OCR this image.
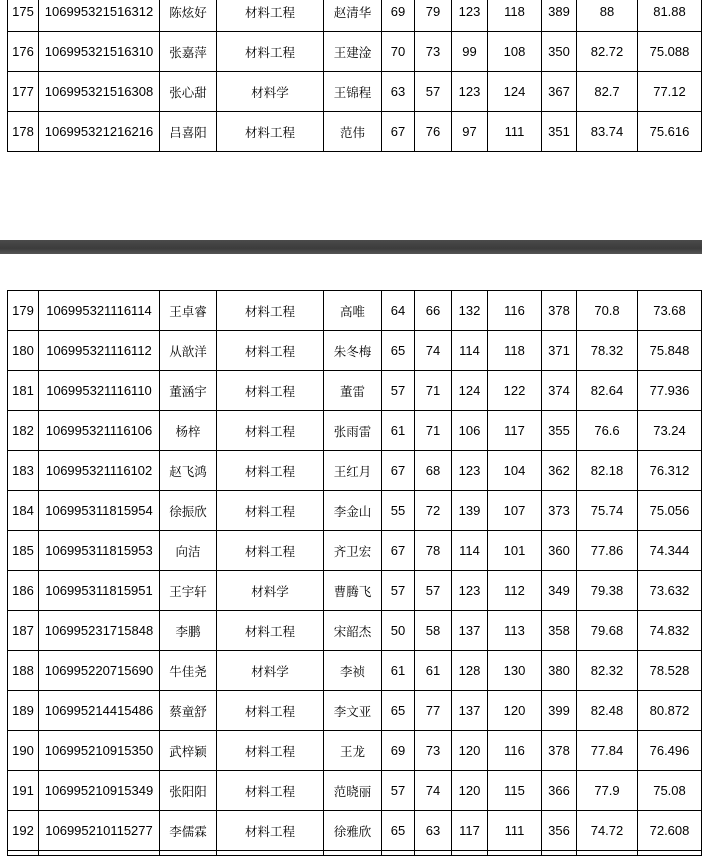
175	106995321516312	陈炫好	材料工程	赵清华	69	79	123	118	389	88	81.88
176	106995321516310	张嘉萍	材料工程	王建淦	70	73	99	108	350	82.72	75.088
177	106995321516308	张心甜	材料学	王锦程	63	57	123	124	367	82.7	77.12
178	106995321216216	吕喜阳	材料工程	范伟	67	76	97	111	351	83.74	75.616
179	106995321116114	王卓睿	材料工程	高唯	64	66	132	116	378	70.8	73.68
180	106995321116112	从歆洋	材料工程	朱冬梅	65	74	114	118	371	78.32	75.848
181	106995321116110	董涵宇	材料工程	董雷	57	71	124	122	374	82.64	77.936
182	106995321116106	杨梓	材料工程	张雨雷	61	71	106	117	355	76.6	73.24
183	106995321116102	赵飞鸿	材料工程	王红月	67	68	123	104	362	82.18	76.312
184	106995311815954	徐振欣	材料工程	李金山	55	72	139	107	373	75.74	75.056
185	106995311815953	向洁	材料工程	齐卫宏	67	78	114	101	360	77.86	74.344
186	106995311815951	王宇轩	材料学	曹腾飞	57	57	123	112	349	79.38	73.632
187	106995231715848	李鹏	材料工程	宋韶杰	50	58	137	113	358	79.68	74.832
188	106995220715690	牛佳尧	材料学	李祯	61	61	128	130	380	82.32	78.528
189	106995214415486	蔡童舒	材料工程	李文亚	65	77	137	120	399	82.48	80.872
190	106995210915350	武梓颖	材料工程	王龙	69	73	120	116	378	77.84	76.496
191	106995210915349	张阳阳	材料工程	范晓丽	57	74	120	115	366	77.9	75.08
192	106995210115277	李儒霖	材料工程	徐雅欣	65	63	117	111	356	74.72	72.608
